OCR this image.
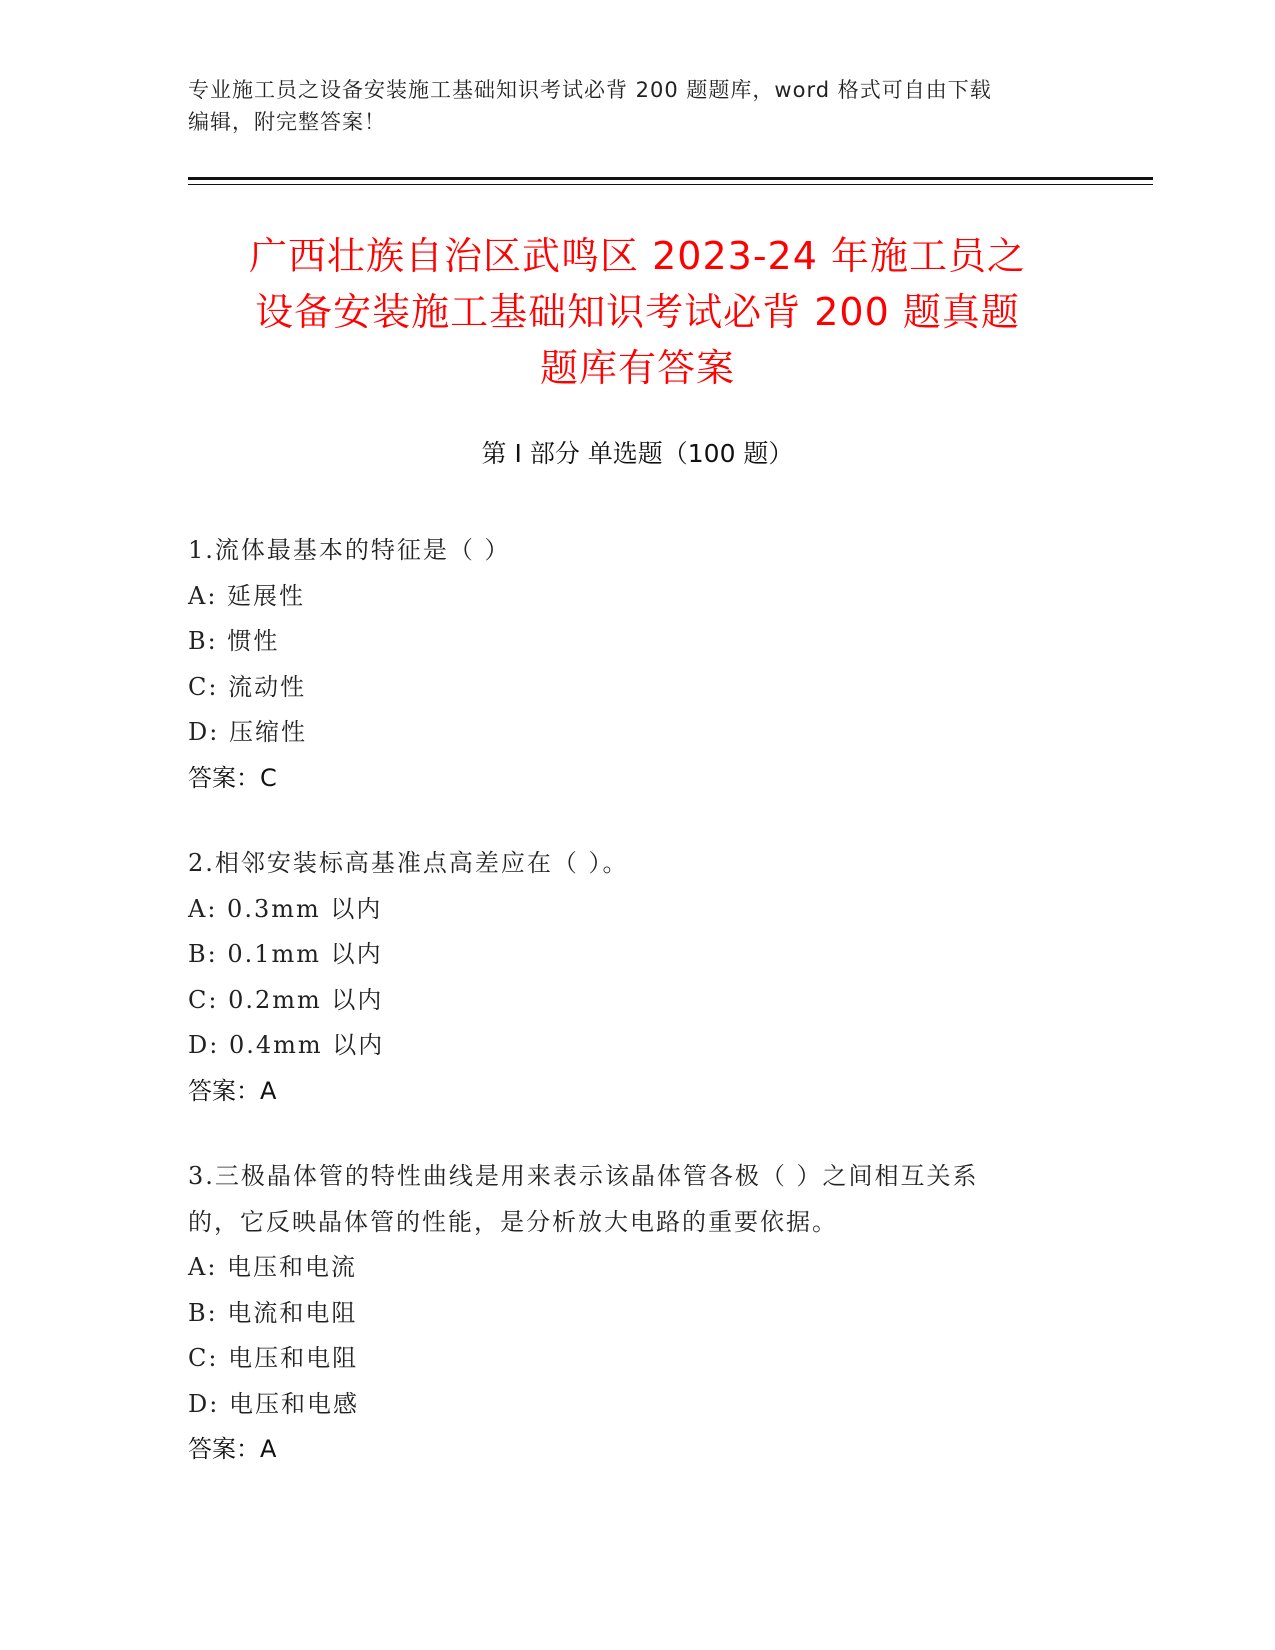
专业施工员之设备安装施工基础知识考试必背 200 题题库，word 格式可自由下载
编辑，附完整答案！
广西壮族自治区武鸣区 2023-24 年施工员之
设备安装施工基础知识考试必背 200 题真题
题库有答案
第 I 部分 单选题（100 题）
1.流体最基本的特征是（ ）
A: 延展性
B: 惯性
C: 流动性
D: 压缩性
答案：C
2.相邻安装标高基准点高差应在（ ）。
A: 0.3mm 以内
B: 0.1mm 以内
C: 0.2mm 以内
D: 0.4mm 以内
答案：A
3.三极晶体管的特性曲线是用来表示该晶体管各极（ ）之间相互关系
的，它反映晶体管的性能，是分析放大电路的重要依据。
A: 电压和电流
B: 电流和电阻
C: 电压和电阻
D: 电压和电感
答案：A
